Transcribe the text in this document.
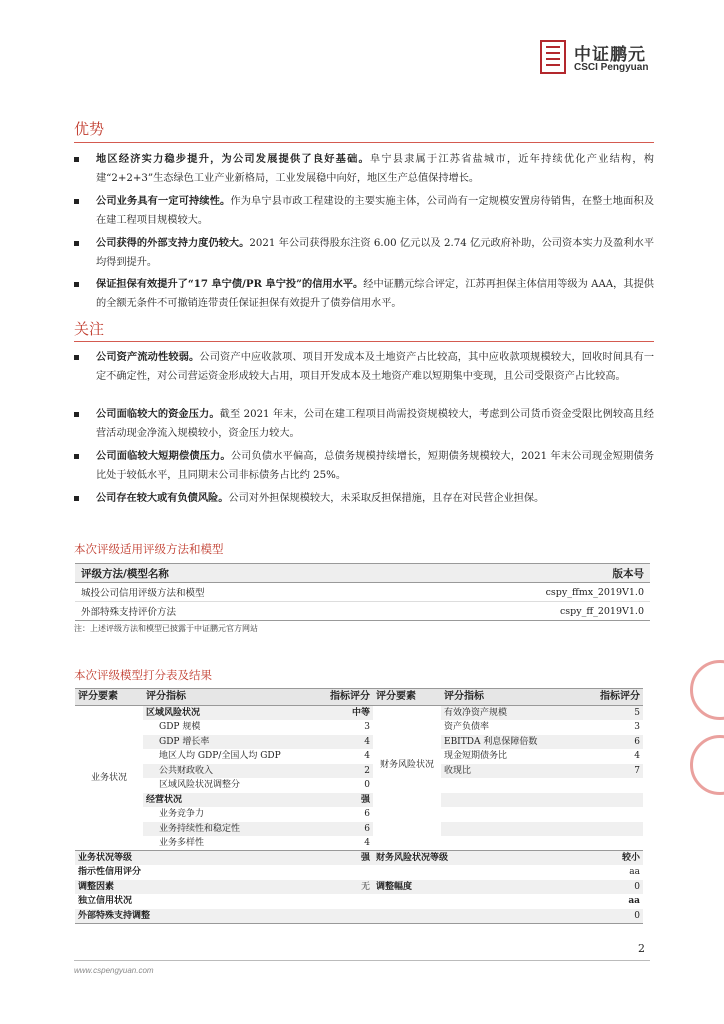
中证鹏元
CSCI Pengyuan
优势
地区经济实力稳步提升，为公司发展提供了良好基础。阜宁县隶属于江苏省盐城市，近年持续优化产业结构，构建“2+2+3”生态绿色工业产业新格局，工业发展稳中向好，地区生产总值保持增长。
公司业务具有一定可持续性。作为阜宁县市政工程建设的主要实施主体，公司尚有一定规模安置房待销售，在整土地面积及在建工程项目规模较大。
公司获得的外部支持力度仍较大。2021 年公司获得股东注资 6.00 亿元以及 2.74 亿元政府补助，公司资本实力及盈利水平均得到提升。
保证担保有效提升了“17 阜宁债/PR 阜宁投”的信用水平。经中证鹏元综合评定，江苏再担保主体信用等级为 AAA，其提供的全额无条件不可撤销连带责任保证担保有效提升了债券信用水平。
关注
公司资产流动性较弱。公司资产中应收款项、项目开发成本及土地资产占比较高，其中应收款项规模较大，回收时间具有一定不确定性，对公司营运资金形成较大占用，项目开发成本及土地资产难以短期集中变现，且公司受限资产占比较高。
公司面临较大的资金压力。截至 2021 年末，公司在建工程项目尚需投资规模较大，考虑到公司货币资金受限比例较高且经营活动现金净流入规模较小，资金压力较大。
公司面临较大短期偿债压力。公司负债水平偏高，总债务规模持续增长，短期债务规模较大，2021 年末公司现金短期债务比处于较低水平，且同期末公司非标债务占比约 25%。
公司存在较大或有负债风险。公司对外担保规模较大，未采取反担保措施，且存在对民营企业担保。
本次评级适用评级方法和模型
评级方法/模型名称	版本号
城投公司信用评级方法和模型	cspy_ffmx_2019V1.0
外部特殊支持评价方法	cspy_ff_2019V1.0
注：上述评级方法和模型已披露于中证鹏元官方网站
本次评级模型打分表及结果
评分要素	评分指标	指标评分	评分要素	评分指标	指标评分
业务状况	区域风险状况	中等	财务风险状况	有效净资产规模	5
	GDP 规模	3		资产负债率	3
	GDP 增长率	4		EBITDA 利息保障倍数	6
	地区人均 GDP/全国人均 GDP	4		现金短期债务比	4
	公共财政收入	2		收现比	7
	区域风险状况调整分	0			
	经营状况	强			
	业务竞争力	6			
	业务持续性和稳定性	6			
	业务多样性	4			
业务状况等级		强	财务风险状况等级		较小
指示性信用评分					aa
调整因素		无	调整幅度		0
独立信用状况					aa
外部特殊支持调整					0
2
www.cspengyuan.com
